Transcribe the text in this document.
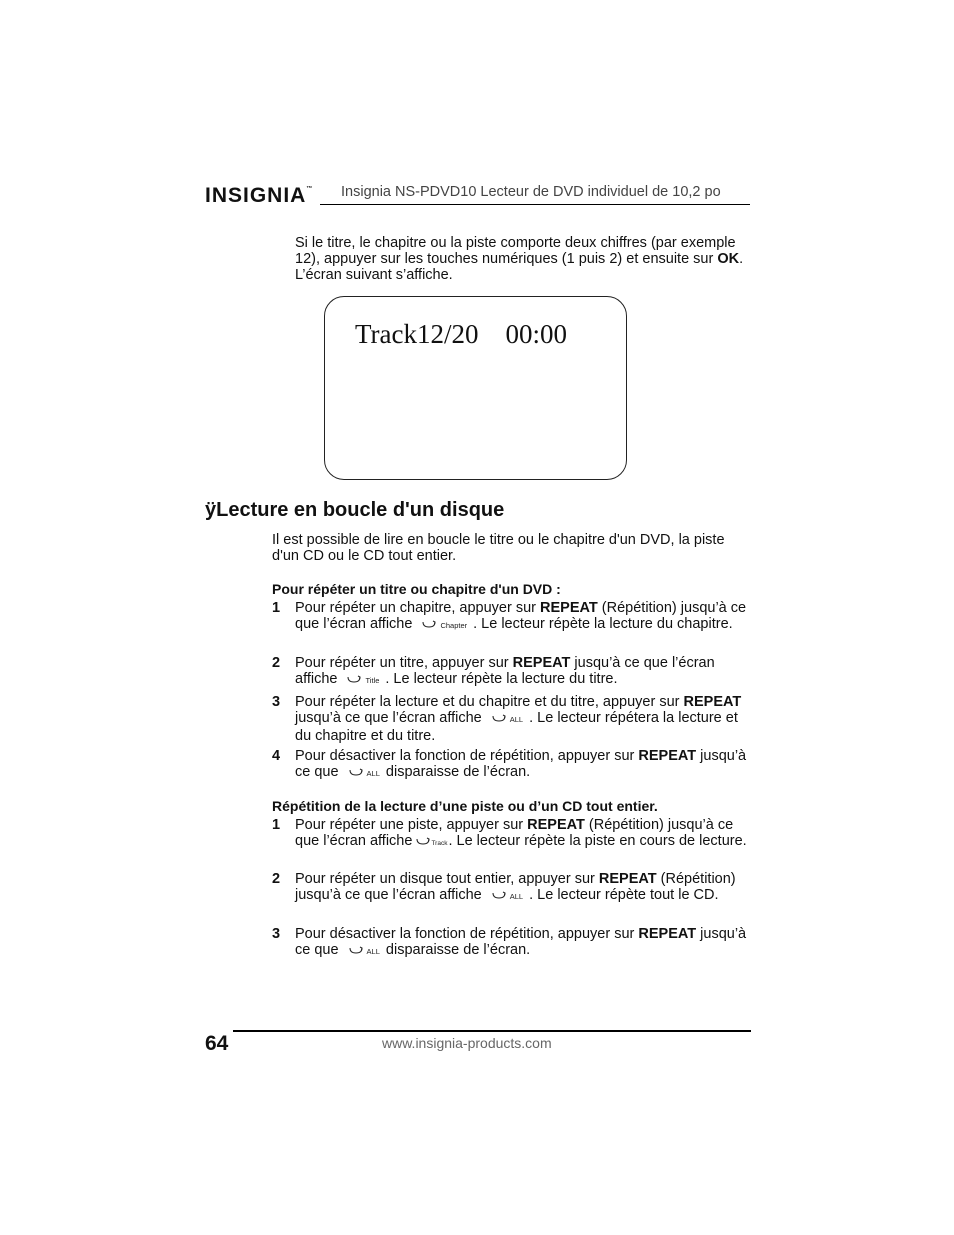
INSIGNIA™ Insignia NS-PDVD10 Lecteur de DVD individuel de 10,2 po
Si le titre, le chapitre ou la piste comporte deux chiffres (par exemple 12), appuyer sur les touches numériques (1 puis 2) et ensuite sur OK. L’écran suivant s’affiche.
Track12/20    00:00
ÿLecture en boucle d'un disque
Il est possible de lire en boucle le titre ou le chapitre d'un DVD, la piste d'un CD ou le CD tout entier.
Pour répéter un titre ou chapitre d'un DVD :
1 Pour répéter un chapitre, appuyer sur REPEAT (Répétition) jusqu’à ce que l’écran affiche	Chapter . Le lecteur répète la lecture du chapitre.
2 Pour répéter un titre, appuyer sur REPEAT jusqu’à ce que l’écran affiche	Title . Le lecteur répète la lecture du titre.
3 Pour répéter la lecture et du chapitre et du titre, appuyer sur REPEAT jusqu’à ce que l’écran affiche	ALL . Le lecteur répétera la lecture et du chapitre et du titre.
4 Pour désactiver la fonction de répétition, appuyer sur REPEAT jusqu’à ce que	ALL disparaisse de l’écran.
Répétition de la lecture d’une piste ou d’un CD tout entier.
1 Pour répéter une piste, appuyer sur REPEAT (Répétition) jusqu’à ce que l’écran affiche	Track. Le lecteur répète la piste en cours de lecture.
2 Pour répéter un disque tout entier, appuyer sur REPEAT (Répétition) jusqu’à ce que l’écran affiche	ALL . Le lecteur répète tout le CD.
3 Pour désactiver la fonction de répétition, appuyer sur REPEAT jusqu’à ce que	ALL disparaisse de l’écran.
64	www.insignia-products.com
